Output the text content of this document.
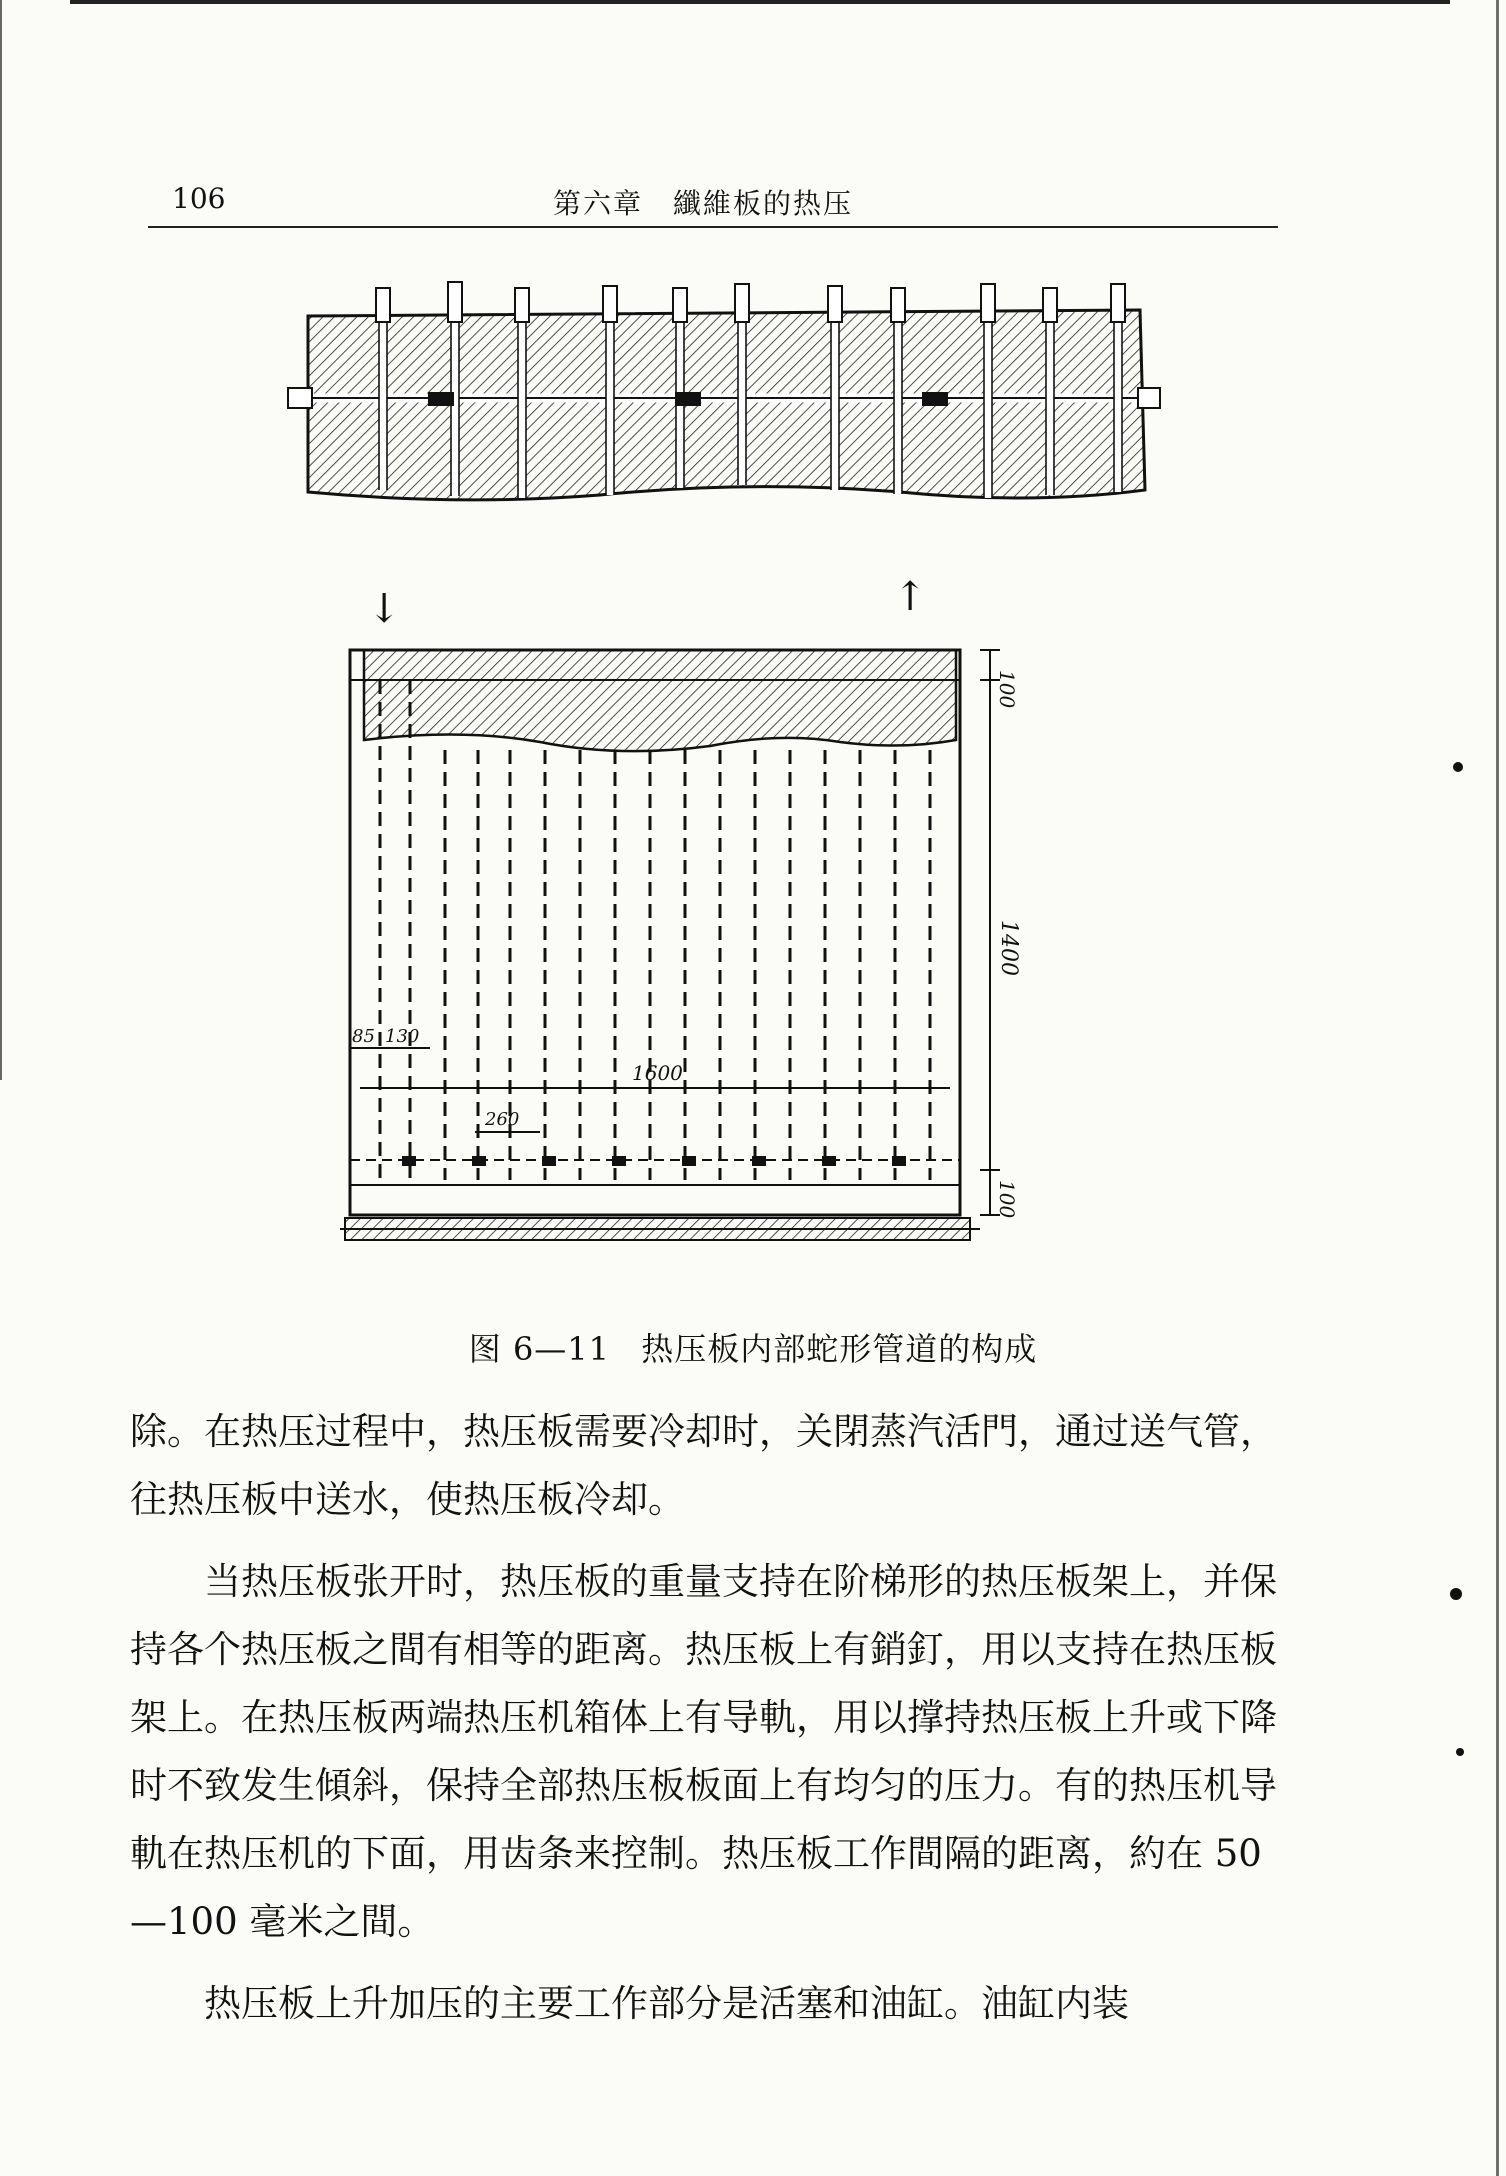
106	第六章　纖維板的热压
↓	↑
100
1400
100
85 130
1600
260
图 6—11 热压板内部蛇形管道的构成

除。在热压过程中，热压板需要冷却时，关閉蒸汽活門，通过送气管，往热压板中送水，使热压板冷却。

当热压板张开时，热压板的重量支持在阶梯形的热压板架上，并保持各个热压板之間有相等的距离。热压板上有銷釘，用以支持在热压板架上。在热压板两端热压机箱体上有导軌，用以撑持热压板上升或下降时不致发生傾斜，保持全部热压板板面上有均匀的压力。有的热压机导軌在热压机的下面，用齿条来控制。热压板工作間隔的距离，約在 50—100 毫米之間。

热压板上升加压的主要工作部分是活塞和油缸。油缸内装
